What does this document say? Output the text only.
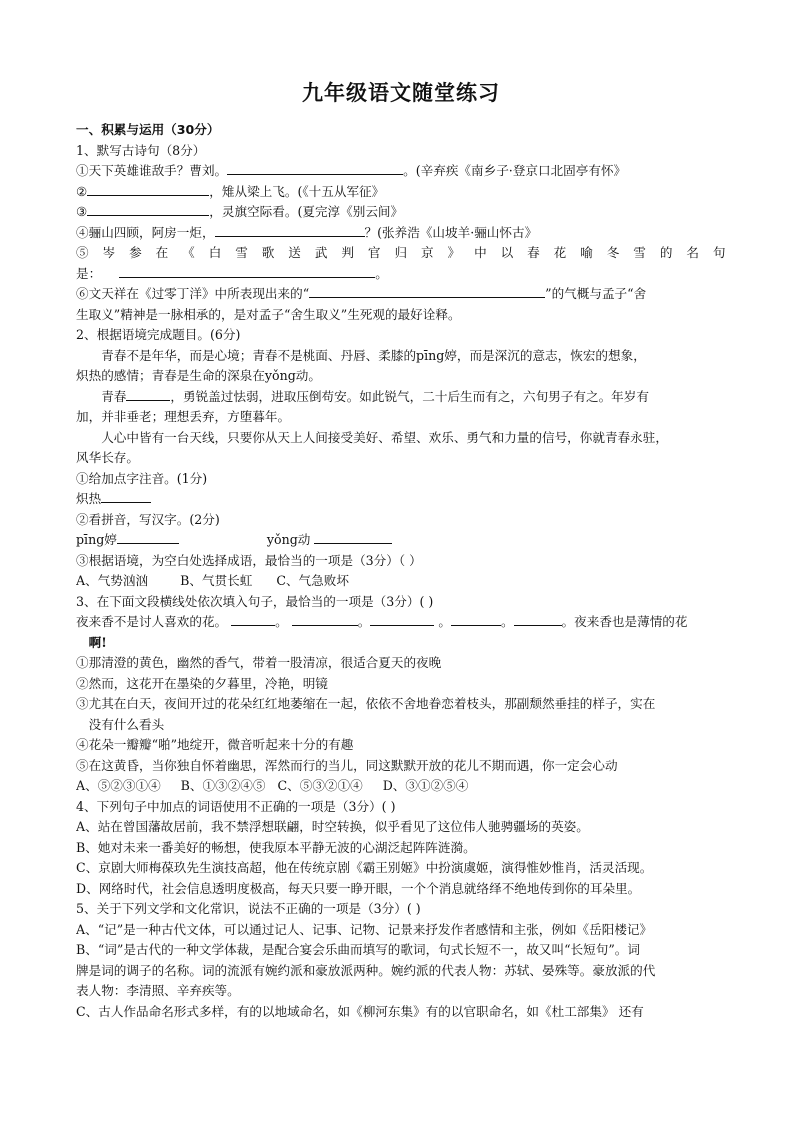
九年级语文随堂练习
一、积累与运用（30分）
1、默写古诗句（8分）
①天下英雄谁敌手？曹刘。	。(辛弃疾《南乡子·登京口北固亭有怀》
②	，雉从梁上飞。(《十五从军征》
③	，灵旗空际看。(夏完淳《别云间》
④骊山四顾，阿房一炬，	？(张养浩《山坡羊·骊山怀古》
⑤岑参在《白雪歌送武判官归京》中以春花喻冬雪的名句
是：	。
⑥文天祥在《过零丁洋》中所表现出来的“	”的气概与孟子“舍
生取义”精神是一脉相承的，是对孟子“舍生取义”生死观的最好诠释。
2、根据语境完成题目。(6分)
青春不是年华，而是心境；青春不是桃面、丹唇、柔膝的pīng婷，而是深沉的意志，恢宏的想象，
炽热的感情；青春是生命的深泉在yǒng动。
青春	，勇锐盖过怯弱，进取压倒苟安。如此锐气，二十后生而有之，六旬男子有之。年岁有
加，并非垂老；理想丢弃，方堕暮年。
人心中皆有一台天线，只要你从天上人间接受美好、希望、欢乐、勇气和力量的信号，你就青春永驻，
风华长存。
①给加点字注音。(1分)
炽热
②看拼音，写汉字。(2分)
pīng婷	yǒng动
③根据语境，为空白处选择成语，最恰当的一项是（3分）（ ）
A、气势汹汹        B、气贯长虹      C、气急败坏
3、在下面文段横线处依次填入句子，最恰当的一项是（3分）( )
夜来香不是讨人喜欢的花。	。	。	。	。	。夜来香也是薄情的花
啊!
①那清澄的黄色，幽然的香气，带着一股清凉，很适合夏天的夜晚
②然而，这花开在墨染的夕暮里，冷艳，明镜
③尤其在白天，夜间开过的花朵红红地萎缩在一起，依依不舍地眷恋着枝头，那副颓然垂挂的样子，实在
没有什么看头
④花朵一瓣瓣“啪”地绽开，微音听起来十分的有趣
⑤在这黄昏，当你独自怀着幽思，浑然而行的当儿，同这默默开放的花儿不期而遇，你一定会心动
A、⑤②③①④     B、①③②④⑤   C、⑤③②①④     D、③①②⑤④
4、下列句子中加点的词语使用不正确的一项是（3分）( )
A、站在曾国藩故居前，我不禁浮想联翩，时空转换，似乎看见了这位伟人驰骋疆场的英姿。
B、她对未来一番美好的畅想，使我原本平静无波的心湖泛起阵阵涟漪。
C、京剧大师梅葆玖先生演技高超，他在传统京剧《霸王别姬》中扮演虞姬，演得惟妙惟肖，活灵活现。
D、网络时代，社会信息透明度极高，每天只要一睁开眼，一个个消息就络绎不绝地传到你的耳朵里。
5、关于下列文学和文化常识，说法不正确的一项是（3分）( )
A、“记”是一种古代文体，可以通过记人、记事、记物、记景来抒发作者感情和主张，例如《岳阳楼记》
B、“词”是古代的一种文学体裁，是配合宴会乐曲而填写的歌词，句式长短不一，故又叫“长短句”。词
牌是词的调子的名称。词的流派有婉约派和豪放派两种。婉约派的代表人物：苏轼、晏殊等。豪放派的代
表人物：李清照、辛弃疾等。
C、古人作品命名形式多样，有的以地域命名，如《柳河东集》有的以官职命名，如《杜工部集》 还有
